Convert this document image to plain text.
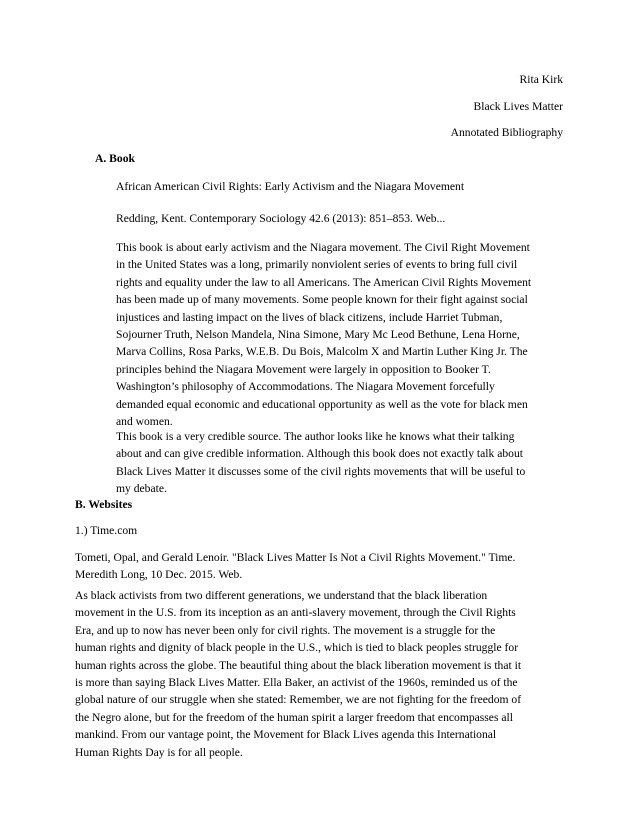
Rita Kirk
Black Lives Matter
Annotated Bibliography
A. Book
African American Civil Rights: Early Activism and the Niagara Movement
Redding, Kent. Contemporary Sociology 42.6 (2013): 851–853. Web...

This book is about early activism and the Niagara movement. The Civil Right Movement

in the United States was a long, primarily nonviolent series of events to bring full civil

rights and equality under the law to all Americans. The American Civil Rights Movement

has been made up of many movements. Some people known for their fight against social

injustices and lasting impact on the lives of black citizens, include Harriet Tubman,

Sojourner Truth, Nelson Mandela, Nina Simone, Mary Mc Leod Bethune, Lena Horne,

Marva Collins, Rosa Parks, W.E.B. Du Bois, Malcolm X and Martin Luther King Jr. The

principles behind the Niagara Movement were largely in opposition to Booker T.

Washington’s philosophy of Accommodations. The Niagara Movement forcefully

demanded equal economic and educational opportunity as well as the vote for black men

and women.

This book is a very credible source. The author looks like he knows what their talking

about and can give credible information. Although this book does not exactly talk about

Black Lives Matter it discusses some of the civil rights movements that will be useful to

my debate.

B. Websites
1.) Time.com

Tometi, Opal, and Gerald Lenoir. "Black Lives Matter Is Not a Civil Rights Movement." Time.

Meredith Long, 10 Dec. 2015. Web.

As black activists from two different generations, we understand that the black liberation

movement in the U.S. from its inception as an anti-slavery movement, through the Civil Rights

Era, and up to now has never been only for civil rights. The movement is a struggle for the

human rights and dignity of black people in the U.S., which is tied to black peoples struggle for

human rights across the globe. The beautiful thing about the black liberation movement is that it

is more than saying Black Lives Matter. Ella Baker, an activist of the 1960s, reminded us of the

global nature of our struggle when she stated: Remember, we are not fighting for the freedom of

the Negro alone, but for the freedom of the human spirit a larger freedom that encompasses all

mankind. From our vantage point, the Movement for Black Lives agenda this International

Human Rights Day is for all people.
